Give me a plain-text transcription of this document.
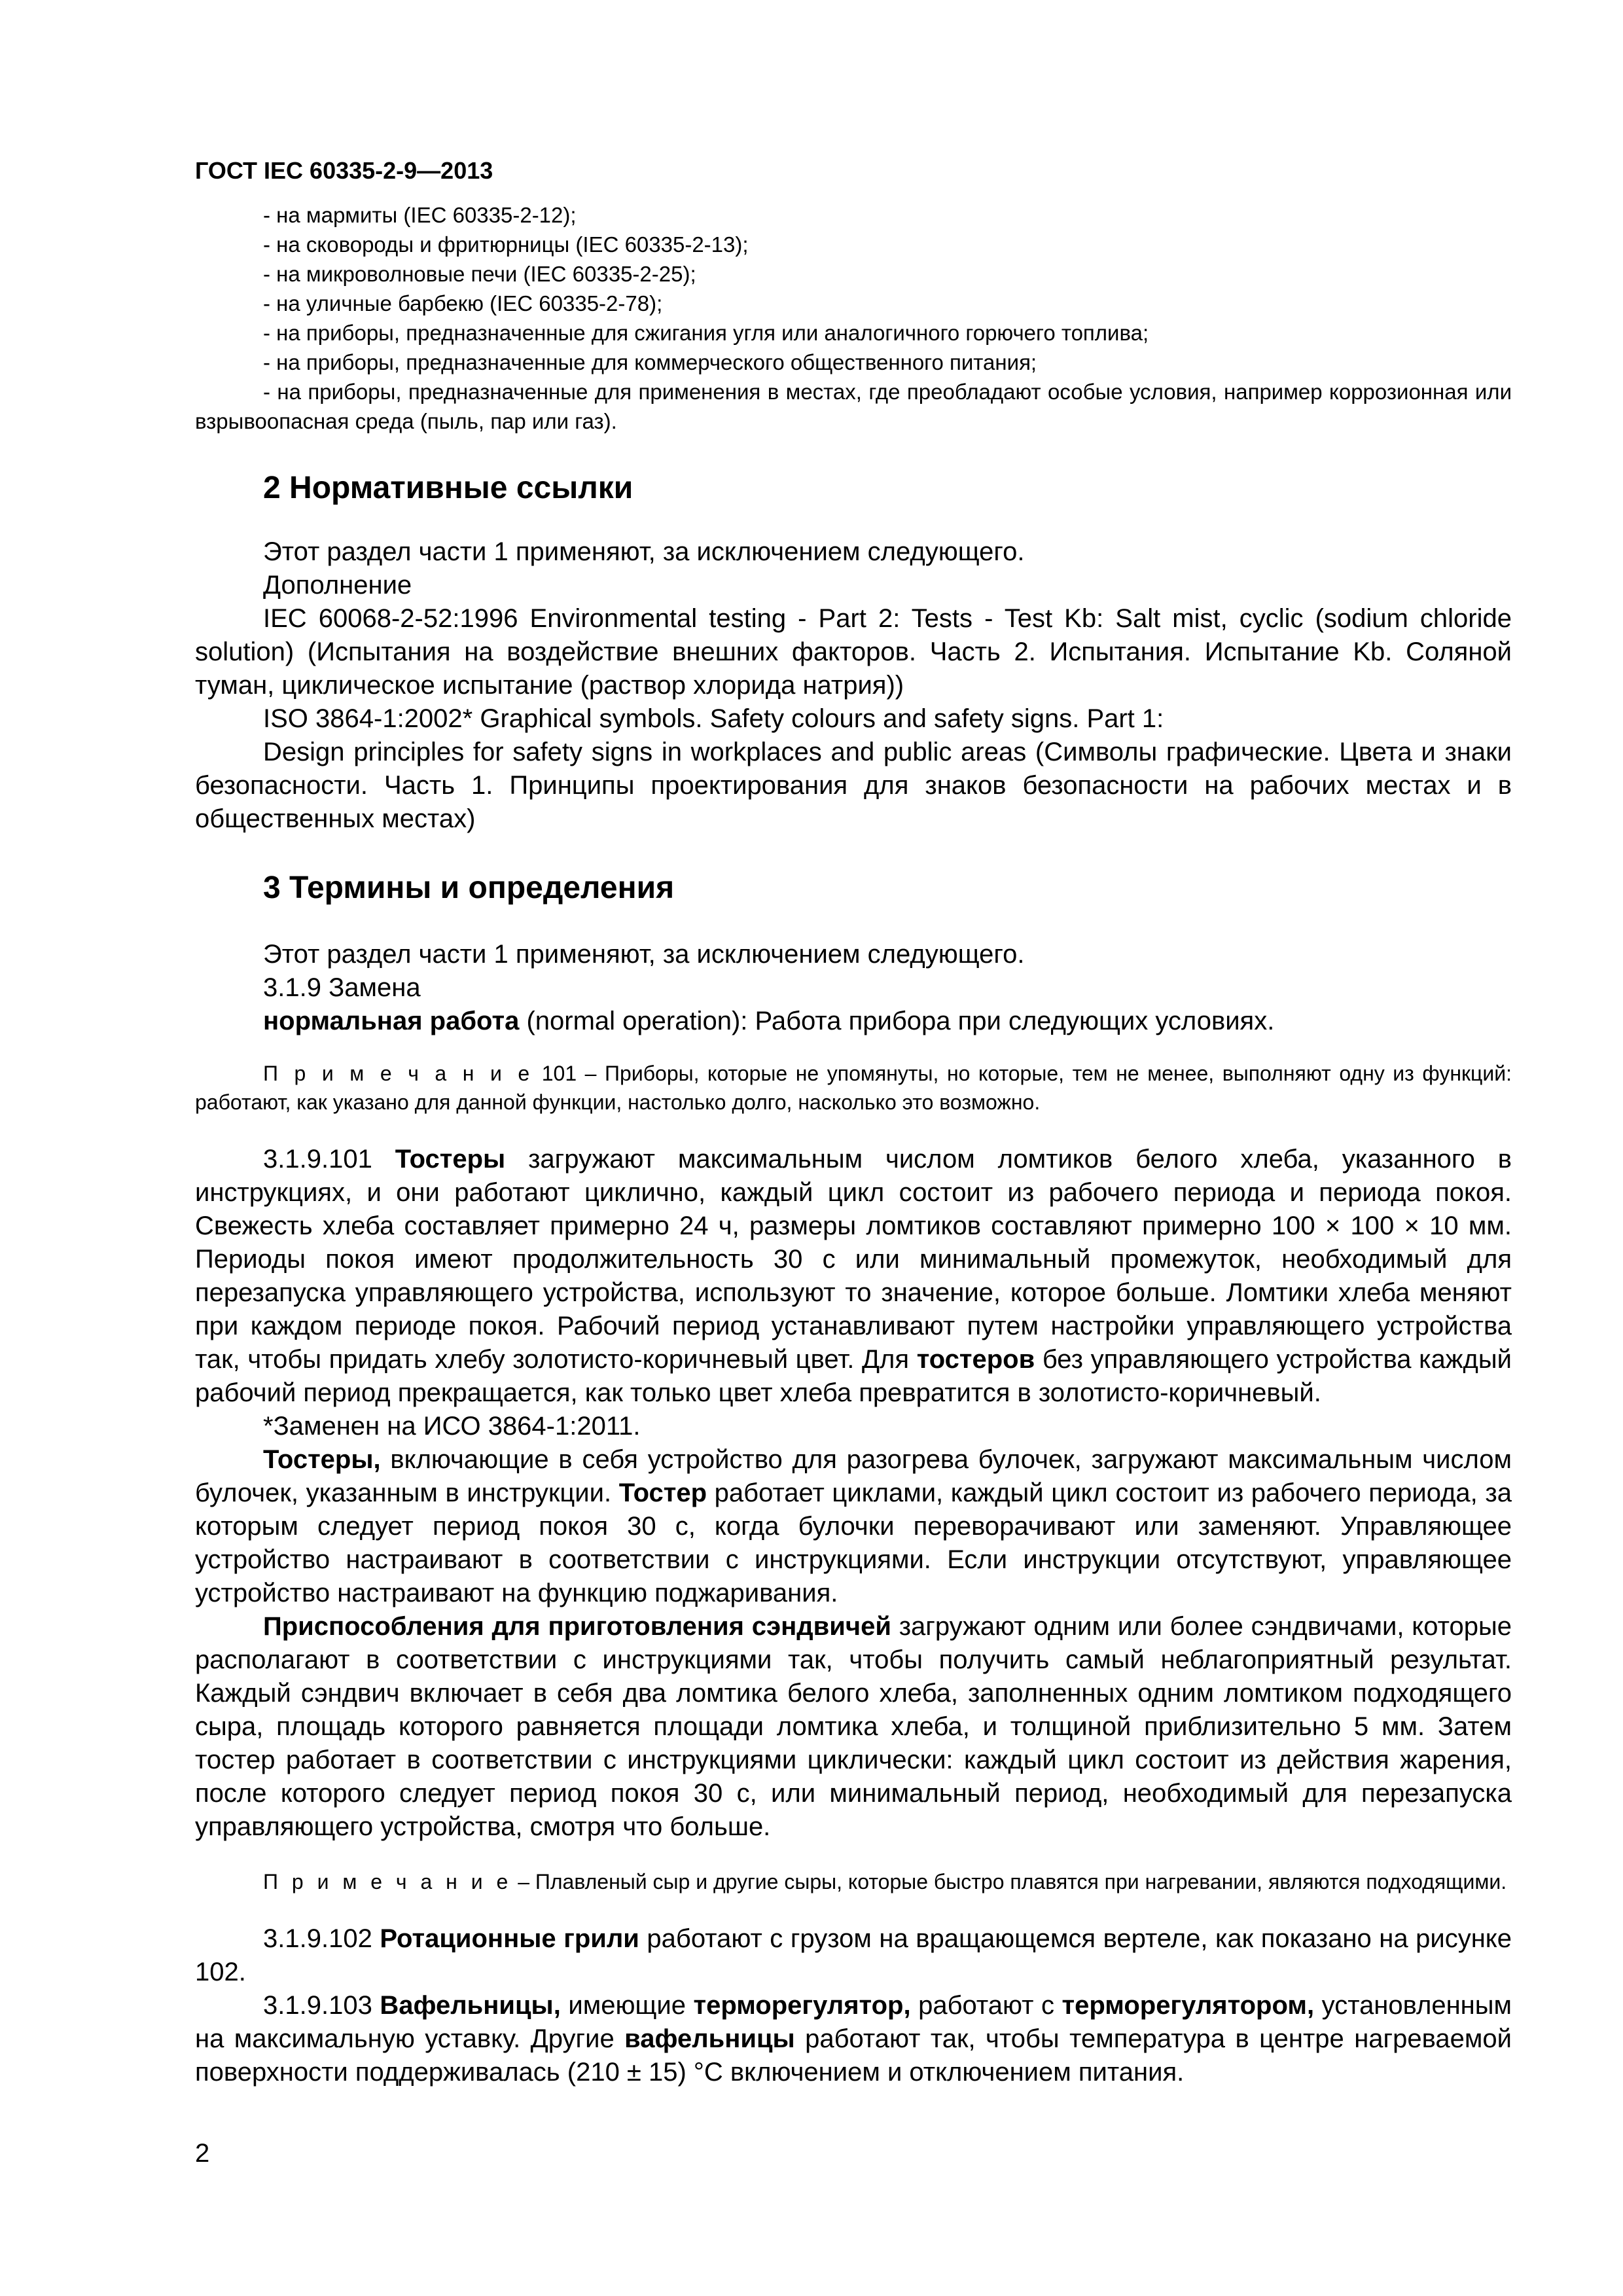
ГОСТ IEC 60335-2-9—2013

- на мармиты (IEC 60335-2-12);

- на сковороды и фритюрницы (IEC 60335-2-13);

- на микроволновые печи (IEC 60335-2-25);

- на уличные барбекю (IEC 60335-2-78);

- на приборы, предназначенные для сжигания угля или аналогичного горючего топлива;

- на приборы, предназначенные для коммерческого общественного питания;

- на приборы, предназначенные для применения в местах, где преобладают особые условия, например коррозионная или взрывоопасная среда (пыль, пар или газ).

2 Нормативные ссылки

Этот раздел части 1 применяют, за исключением следующего.

Дополнение

IEC 60068-2-52:1996 Environmental testing - Part 2: Tests - Test Kb: Salt mist, cyclic (sodium chloride solution) (Испытания на воздействие внешних факторов. Часть 2. Испытания. Испытание Kb. Соляной туман, циклическое испытание (раствор хлорида натрия))

ISO 3864-1:2002* Graphical symbols. Safety colours and safety signs. Part 1:

Design principles for safety signs in workplaces and public areas (Символы графические. Цвета и знаки безопасности. Часть 1. Принципы проектирования для знаков безопасности на рабочих местах и в общественных местах)

3 Термины и определения

Этот раздел части 1 применяют, за исключением следующего.

3.1.9 Замена

нормальная работа (normal operation): Работа прибора при следующих условиях.

П р и м е ч а н и е 101 – Приборы, которые не упомянуты, но которые, тем не менее, выполняют одну из функций: работают, как указано для данной функции, настолько долго, насколько это возможно.

3.1.9.101 Тостеры загружают максимальным числом ломтиков белого хлеба, указанного в инструкциях, и они работают циклично, каждый цикл состоит из рабочего периода и периода покоя. Свежесть хлеба составляет примерно 24 ч, размеры ломтиков составляют примерно 100 × 100 × 10 мм. Периоды покоя имеют продолжительность 30 с или минимальный промежуток, необходимый для перезапуска управляющего устройства, используют то значение, которое больше. Ломтики хлеба меняют при каждом периоде покоя. Рабочий период устанавливают путем настройки управляющего устройства так, чтобы придать хлебу золотисто-коричневый цвет. Для тостеров без управляющего устройства каждый рабочий период прекращается, как только цвет хлеба превратится в золотисто-коричневый.

*Заменен на ИСО 3864-1:2011.

Тостеры, включающие в себя устройство для разогрева булочек, загружают максимальным числом булочек, указанным в инструкции. Тостер работает циклами, каждый цикл состоит из рабочего периода, за которым следует период покоя 30 с, когда булочки переворачивают или заменяют. Управляющее устройство настраивают в соответствии с инструкциями. Если инструкции отсутствуют, управляющее устройство настраивают на функцию поджаривания.

Приспособления для приготовления сэндвичей загружают одним или более сэндвичами, которые располагают в соответствии с инструкциями так, чтобы получить самый неблагоприятный результат. Каждый сэндвич включает в себя два ломтика белого хлеба, заполненных одним ломтиком подходящего сыра, площадь которого равняется площади ломтика хлеба, и толщиной приблизительно 5 мм. Затем тостер работает в соответствии с инструкциями циклически: каждый цикл состоит из действия жарения, после которого следует период покоя 30 с, или минимальный период, необходимый для перезапуска управляющего устройства, смотря что больше.

П р и м е ч а н и е – Плавленый сыр и другие сыры, которые быстро плавятся при нагревании, являются подходящими.

3.1.9.102 Ротационные грили работают с грузом на вращающемся вертеле, как показано на рисунке 102.

3.1.9.103 Вафельницы, имеющие терморегулятор, работают с терморегулятором, установленным на максимальную уставку. Другие вафельницы работают так, чтобы температура в центре нагреваемой поверхности поддерживалась (210 ± 15) °С включением и отключением питания.

2
